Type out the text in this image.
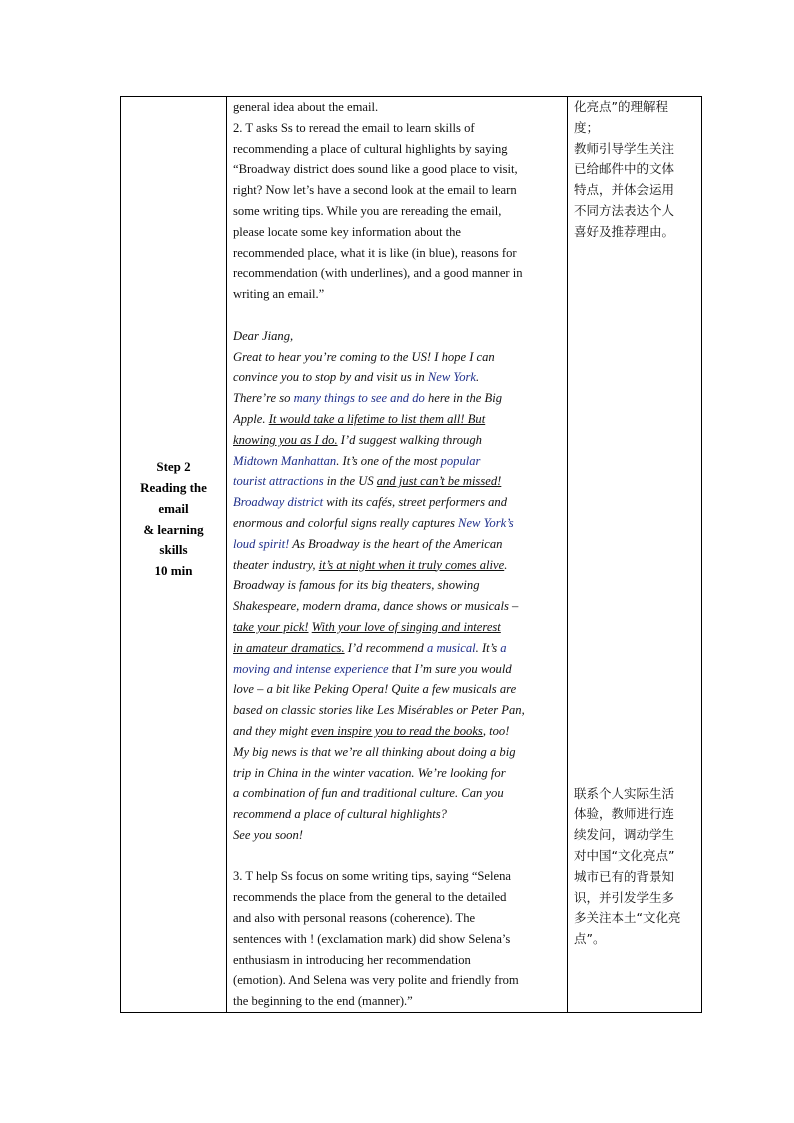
Step 2
Reading the
email
& learning
skills
10 min

general idea about the email.
2. T asks Ss to reread the email to learn skills of
recommending a place of cultural highlights by saying
“Broadway district does sound like a good place to visit,
right? Now let’s have a second look at the email to learn
some writing tips. While you are rereading the email,
please locate some key information about the
recommended place, what it is like (in blue), reasons for
recommendation (with underlines), and a good manner in
writing an email.”
Dear Jiang,
Great to hear you’re coming to the US! I hope I can
convince you to stop by and visit us in New York.
There’re so many things to see and do here in the Big
Apple. It would take a lifetime to list them all! But
knowing you as I do. I’d suggest walking through
Midtown Manhattan. It’s one of the most popular
tourist attractions in the US and just can’t be missed!
Broadway district with its cafés, street performers and
enormous and colorful signs really captures New York’s
loud spirit! As Broadway is the heart of the American
theater industry, it’s at night when it truly comes alive.
Broadway is famous for its big theaters, showing
Shakespeare, modern drama, dance shows or musicals –
take your pick! With your love of singing and interest
in amateur dramatics. I’d recommend a musical. It’s a
moving and intense experience that I’m sure you would
love – a bit like Peking Opera! Quite a few musicals are
based on classic stories like Les Misérables or Peter Pan,
and they might even inspire you to read the books, too!
My big news is that we’re all thinking about doing a big
trip in China in the winter vacation. We’re looking for
a combination of fun and traditional culture. Can you
recommend a place of cultural highlights?
See you soon!
3. T help Ss focus on some writing tips, saying “Selena
recommends the place from the general to the detailed
and also with personal reasons (coherence). The
sentences with ! (exclamation mark) did show Selena’s
enthusiasm in introducing her recommendation
(emotion). And Selena was very polite and friendly from
the beginning to the end (manner).”

化亮点”的理解程
度；
教师引导学生关注
已给邮件中的文体
特点，并体会运用
不同方法表达个人
喜好及推荐理由。
联系个人实际生活
体验，教师进行连
续发问，调动学生
对中国“文化亮点”
城市已有的背景知
识，并引发学生多
多关注本土“文化亮
点”。
